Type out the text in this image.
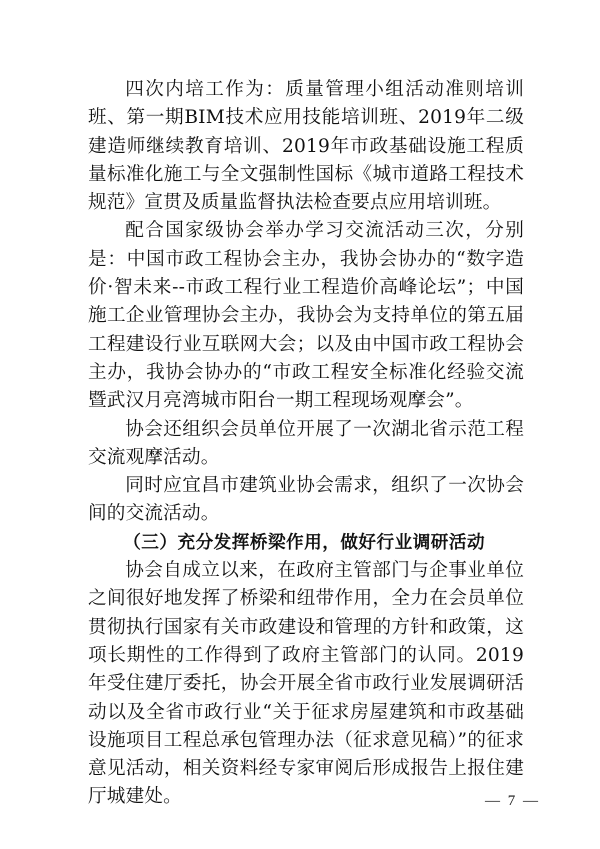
四次内培工作为：质量管理小组活动准则培训班、第一期BIM技术应用技能培训班、2019年二级建造师继续教育培训、2019年市政基础设施工程质量标准化施工与全文强制性国标《城市道路工程技术规范》宣贯及质量监督执法检查要点应用培训班。

配合国家级协会举办学习交流活动三次，分别是：中国市政工程协会主办，我协会协办的“数字造价·智未来--市政工程行业工程造价高峰论坛”；中国施工企业管理协会主办，我协会为支持单位的第五届工程建设行业互联网大会；以及由中国市政工程协会主办，我协会协办的“市政工程安全标准化经验交流暨武汉月亮湾城市阳台一期工程现场观摩会”。

协会还组织会员单位开展了一次湖北省示范工程交流观摩活动。

同时应宜昌市建筑业协会需求，组织了一次协会间的交流活动。

（三）充分发挥桥梁作用，做好行业调研活动

协会自成立以来，在政府主管部门与企事业单位之间很好地发挥了桥梁和纽带作用，全力在会员单位贯彻执行国家有关市政建设和管理的方针和政策，这项长期性的工作得到了政府主管部门的认同。2019年受住建厅委托，协会开展全省市政行业发展调研活动以及全省市政行业“关于征求房屋建筑和市政基础设施项目工程总承包管理办法（征求意见稿）”的征求意见活动，相关资料经专家审阅后形成报告上报住建厅城建处。	— 7 —
